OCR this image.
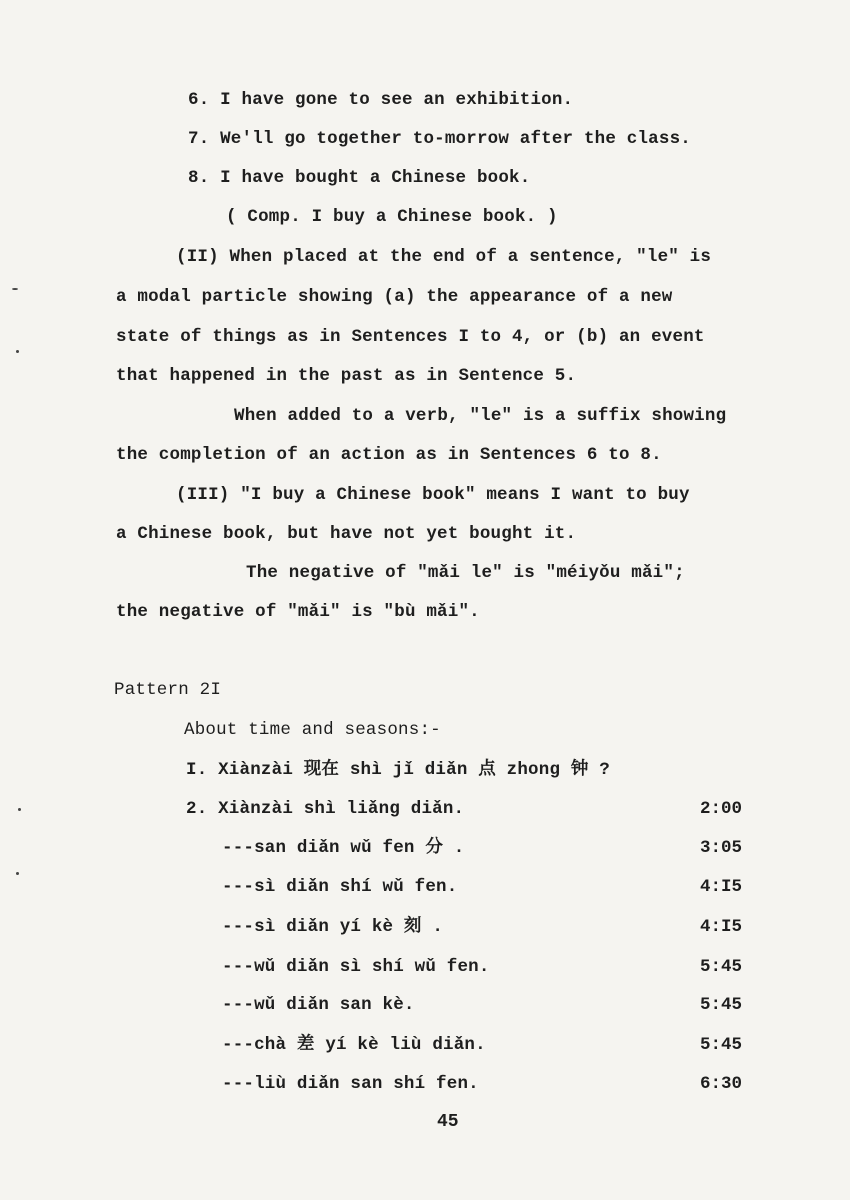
6. I have gone to see an exhibition.
7. We'll go together to-morrow after the class.
8. I have bought a Chinese book.
( Comp. I buy a Chinese book. )
(II) When placed at the end of a sentence, "le" is
a modal particle showing (a) the appearance of a new
state of things as in Sentences I to 4, or (b) an event
that happened in the past as in Sentence 5.
When added to a verb, "le" is a suffix showing
the completion of an action as in Sentences 6 to 8.
(III) "I buy a Chinese book" means I want to buy
a Chinese book, but have not yet bought it.
The negative of "mǎi le" is "méiyǒu mǎi";
the negative of "mǎi" is "bù mǎi".
Pattern 2I
About time and seasons:-
I. Xiànzài 现在 shì jǐ diǎn 点 zhong 钟 ?
2. Xiànzài shì liǎng diǎn.
---san diǎn wǔ fen 分 .
---sì diǎn shí wǔ fen.
---sì diǎn yí kè 刻 .
---wǔ diǎn sì shí wǔ fen.
---wǔ diǎn san kè.
---chà 差 yí kè liù diǎn.
---liù diǎn san shí fen.
2:00
3:05
4:I5
4:I5
5:45
5:45
5:45
6:30
45
